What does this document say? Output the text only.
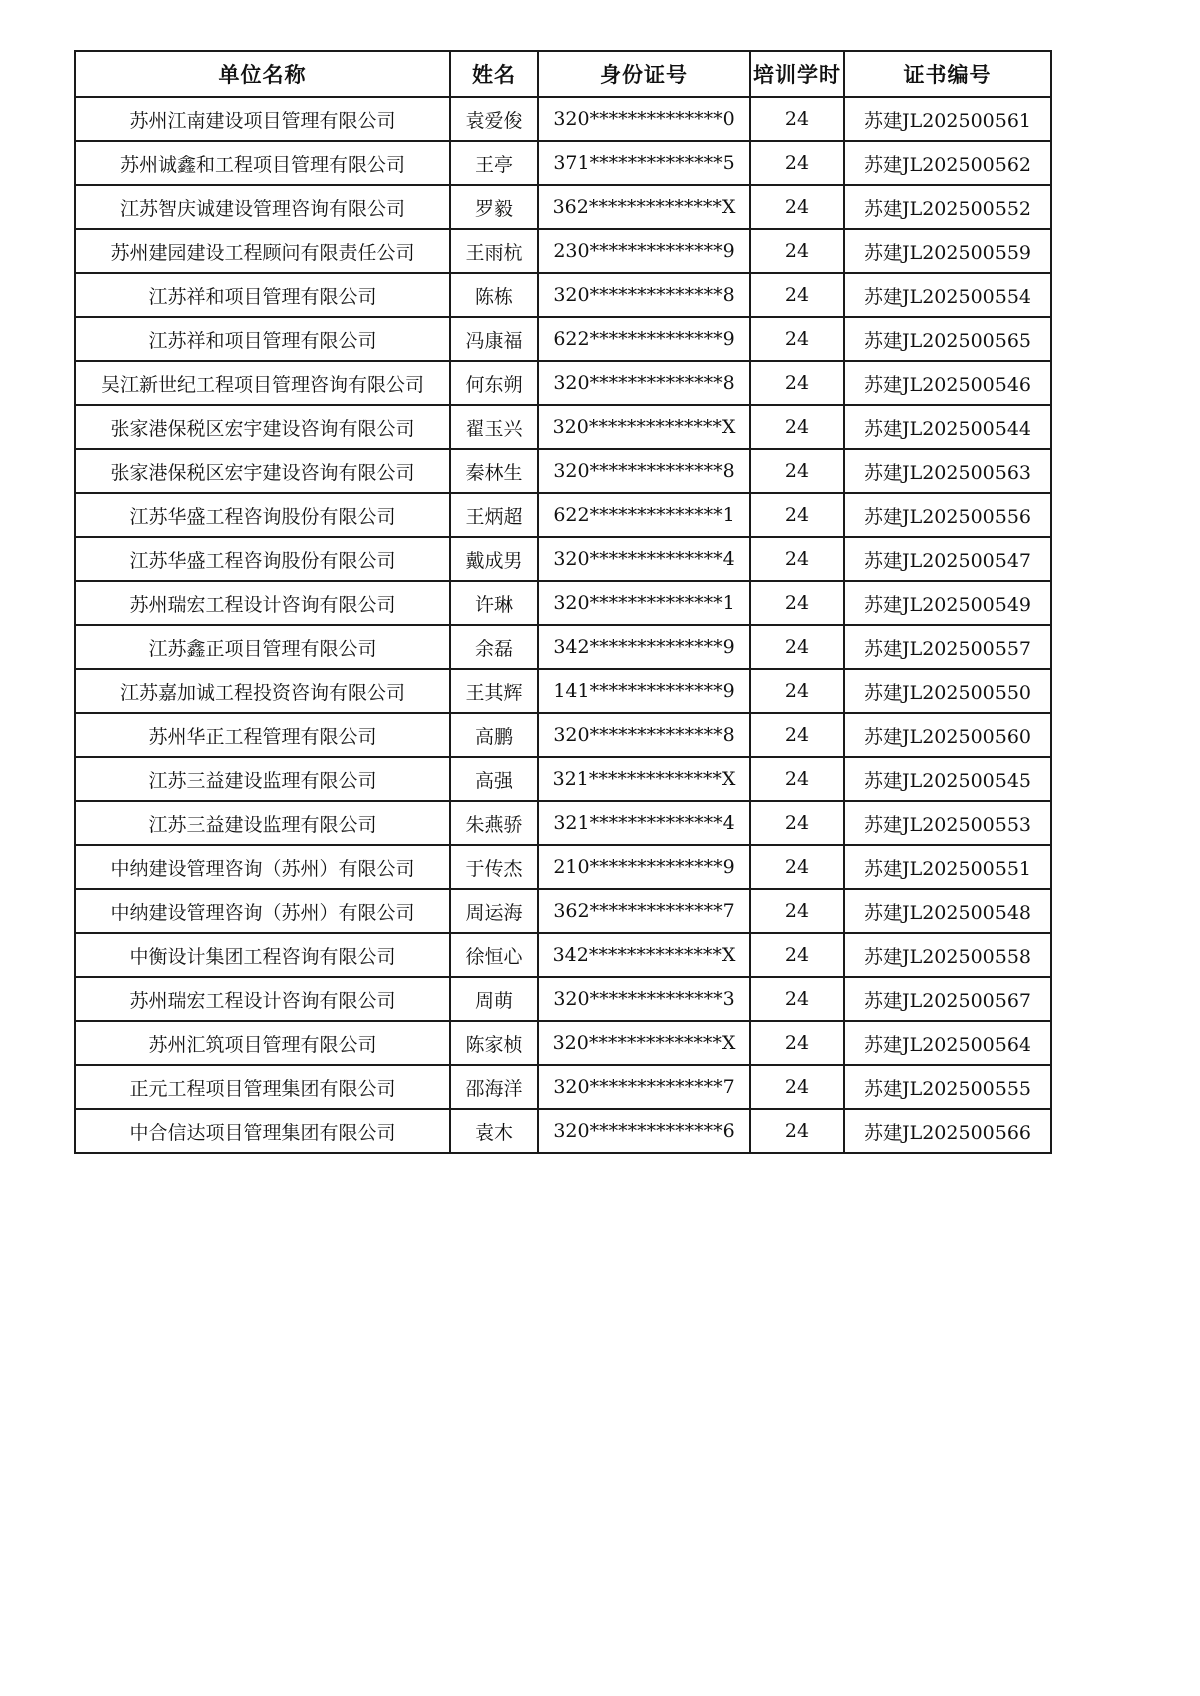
单位名称	姓名	身份证号	培训学时	证书编号
苏州江南建设项目管理有限公司	袁爱俊	320**************0	24	苏建JL202500561
苏州诚鑫和工程项目管理有限公司	王亭	371**************5	24	苏建JL202500562
江苏智庆诚建设管理咨询有限公司	罗毅	362**************X	24	苏建JL202500552
苏州建园建设工程顾问有限责任公司	王雨杭	230**************9	24	苏建JL202500559
江苏祥和项目管理有限公司	陈栋	320**************8	24	苏建JL202500554
江苏祥和项目管理有限公司	冯康福	622**************9	24	苏建JL202500565
吴江新世纪工程项目管理咨询有限公司	何东朔	320**************8	24	苏建JL202500546
张家港保税区宏宇建设咨询有限公司	翟玉兴	320**************X	24	苏建JL202500544
张家港保税区宏宇建设咨询有限公司	秦林生	320**************8	24	苏建JL202500563
江苏华盛工程咨询股份有限公司	王炳超	622**************1	24	苏建JL202500556
江苏华盛工程咨询股份有限公司	戴成男	320**************4	24	苏建JL202500547
苏州瑞宏工程设计咨询有限公司	许琳	320**************1	24	苏建JL202500549
江苏鑫正项目管理有限公司	余磊	342**************9	24	苏建JL202500557
江苏嘉加诚工程投资咨询有限公司	王其辉	141**************9	24	苏建JL202500550
苏州华正工程管理有限公司	高鹏	320**************8	24	苏建JL202500560
江苏三益建设监理有限公司	高强	321**************X	24	苏建JL202500545
江苏三益建设监理有限公司	朱燕骄	321**************4	24	苏建JL202500553
中纳建设管理咨询（苏州）有限公司	于传杰	210**************9	24	苏建JL202500551
中纳建设管理咨询（苏州）有限公司	周运海	362**************7	24	苏建JL202500548
中衡设计集团工程咨询有限公司	徐恒心	342**************X	24	苏建JL202500558
苏州瑞宏工程设计咨询有限公司	周萌	320**************3	24	苏建JL202500567
苏州汇筑项目管理有限公司	陈家桢	320**************X	24	苏建JL202500564
正元工程项目管理集团有限公司	邵海洋	320**************7	24	苏建JL202500555
中合信达项目管理集团有限公司	袁木	320**************6	24	苏建JL202500566
